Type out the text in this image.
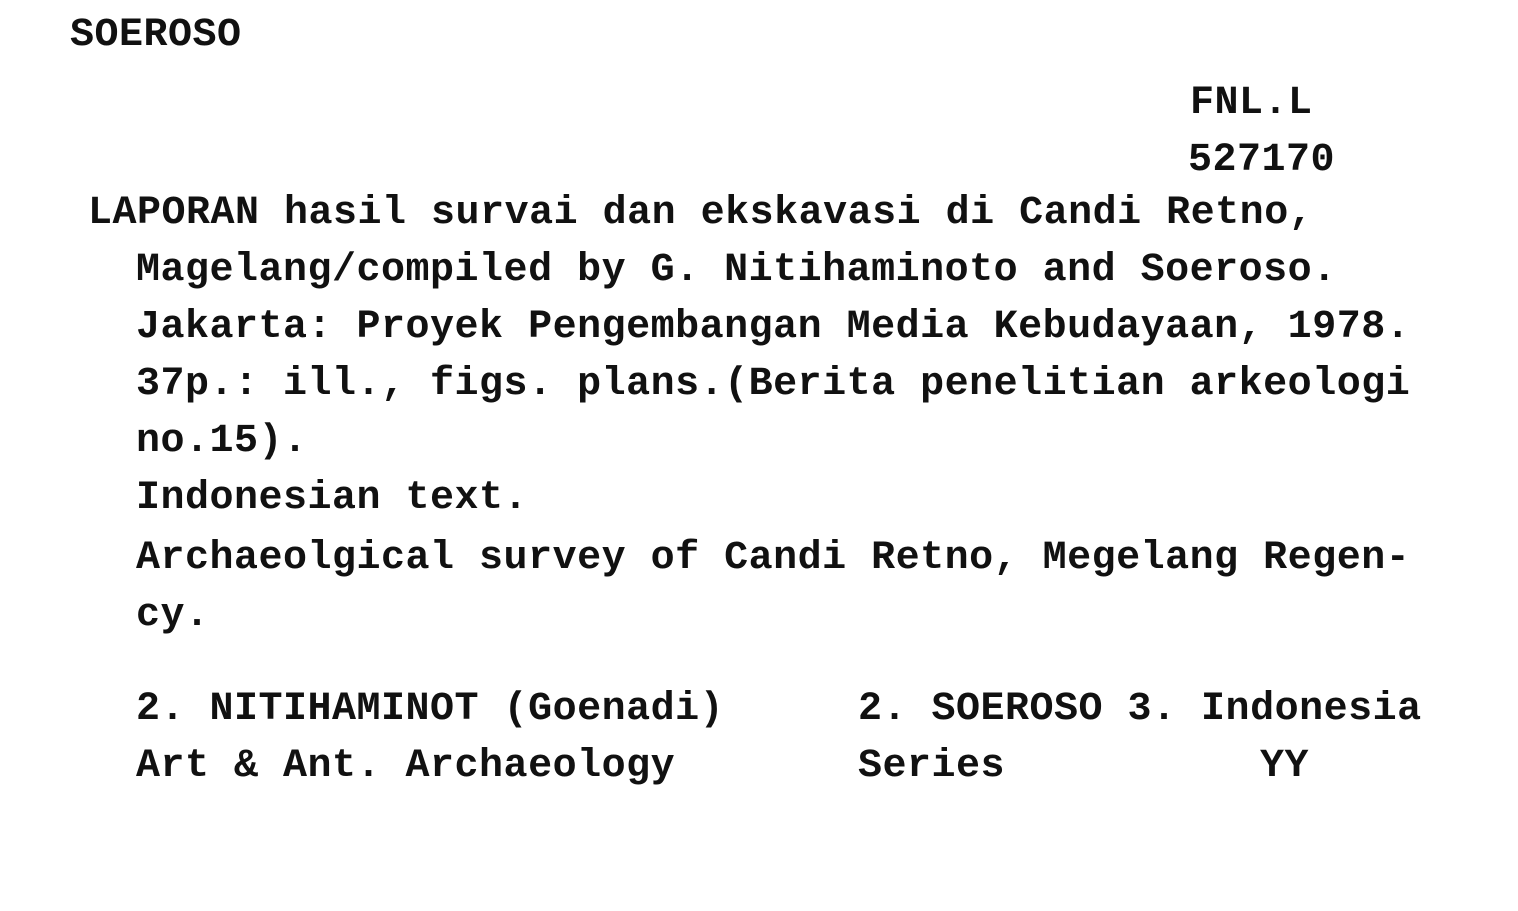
SOEROSO
FNL.L
527170
LAPORAN hasil survai dan ekskavasi di Candi Retno,
Magelang/compiled by G. Nitihaminoto and Soeroso.
Jakarta: Proyek Pengembangan Media Kebudayaan, 1978.
37p.: ill., figs. plans.(Berita penelitian arkeologi
no.15).
Indonesian text.
Archaeolgical survey of Candi Retno, Megelang Regen-
cy.
2. NITIHAMINOT (Goenadi)	2. SOEROSO 3. Indonesia
Art & Ant. Archaeology	Series	YY
